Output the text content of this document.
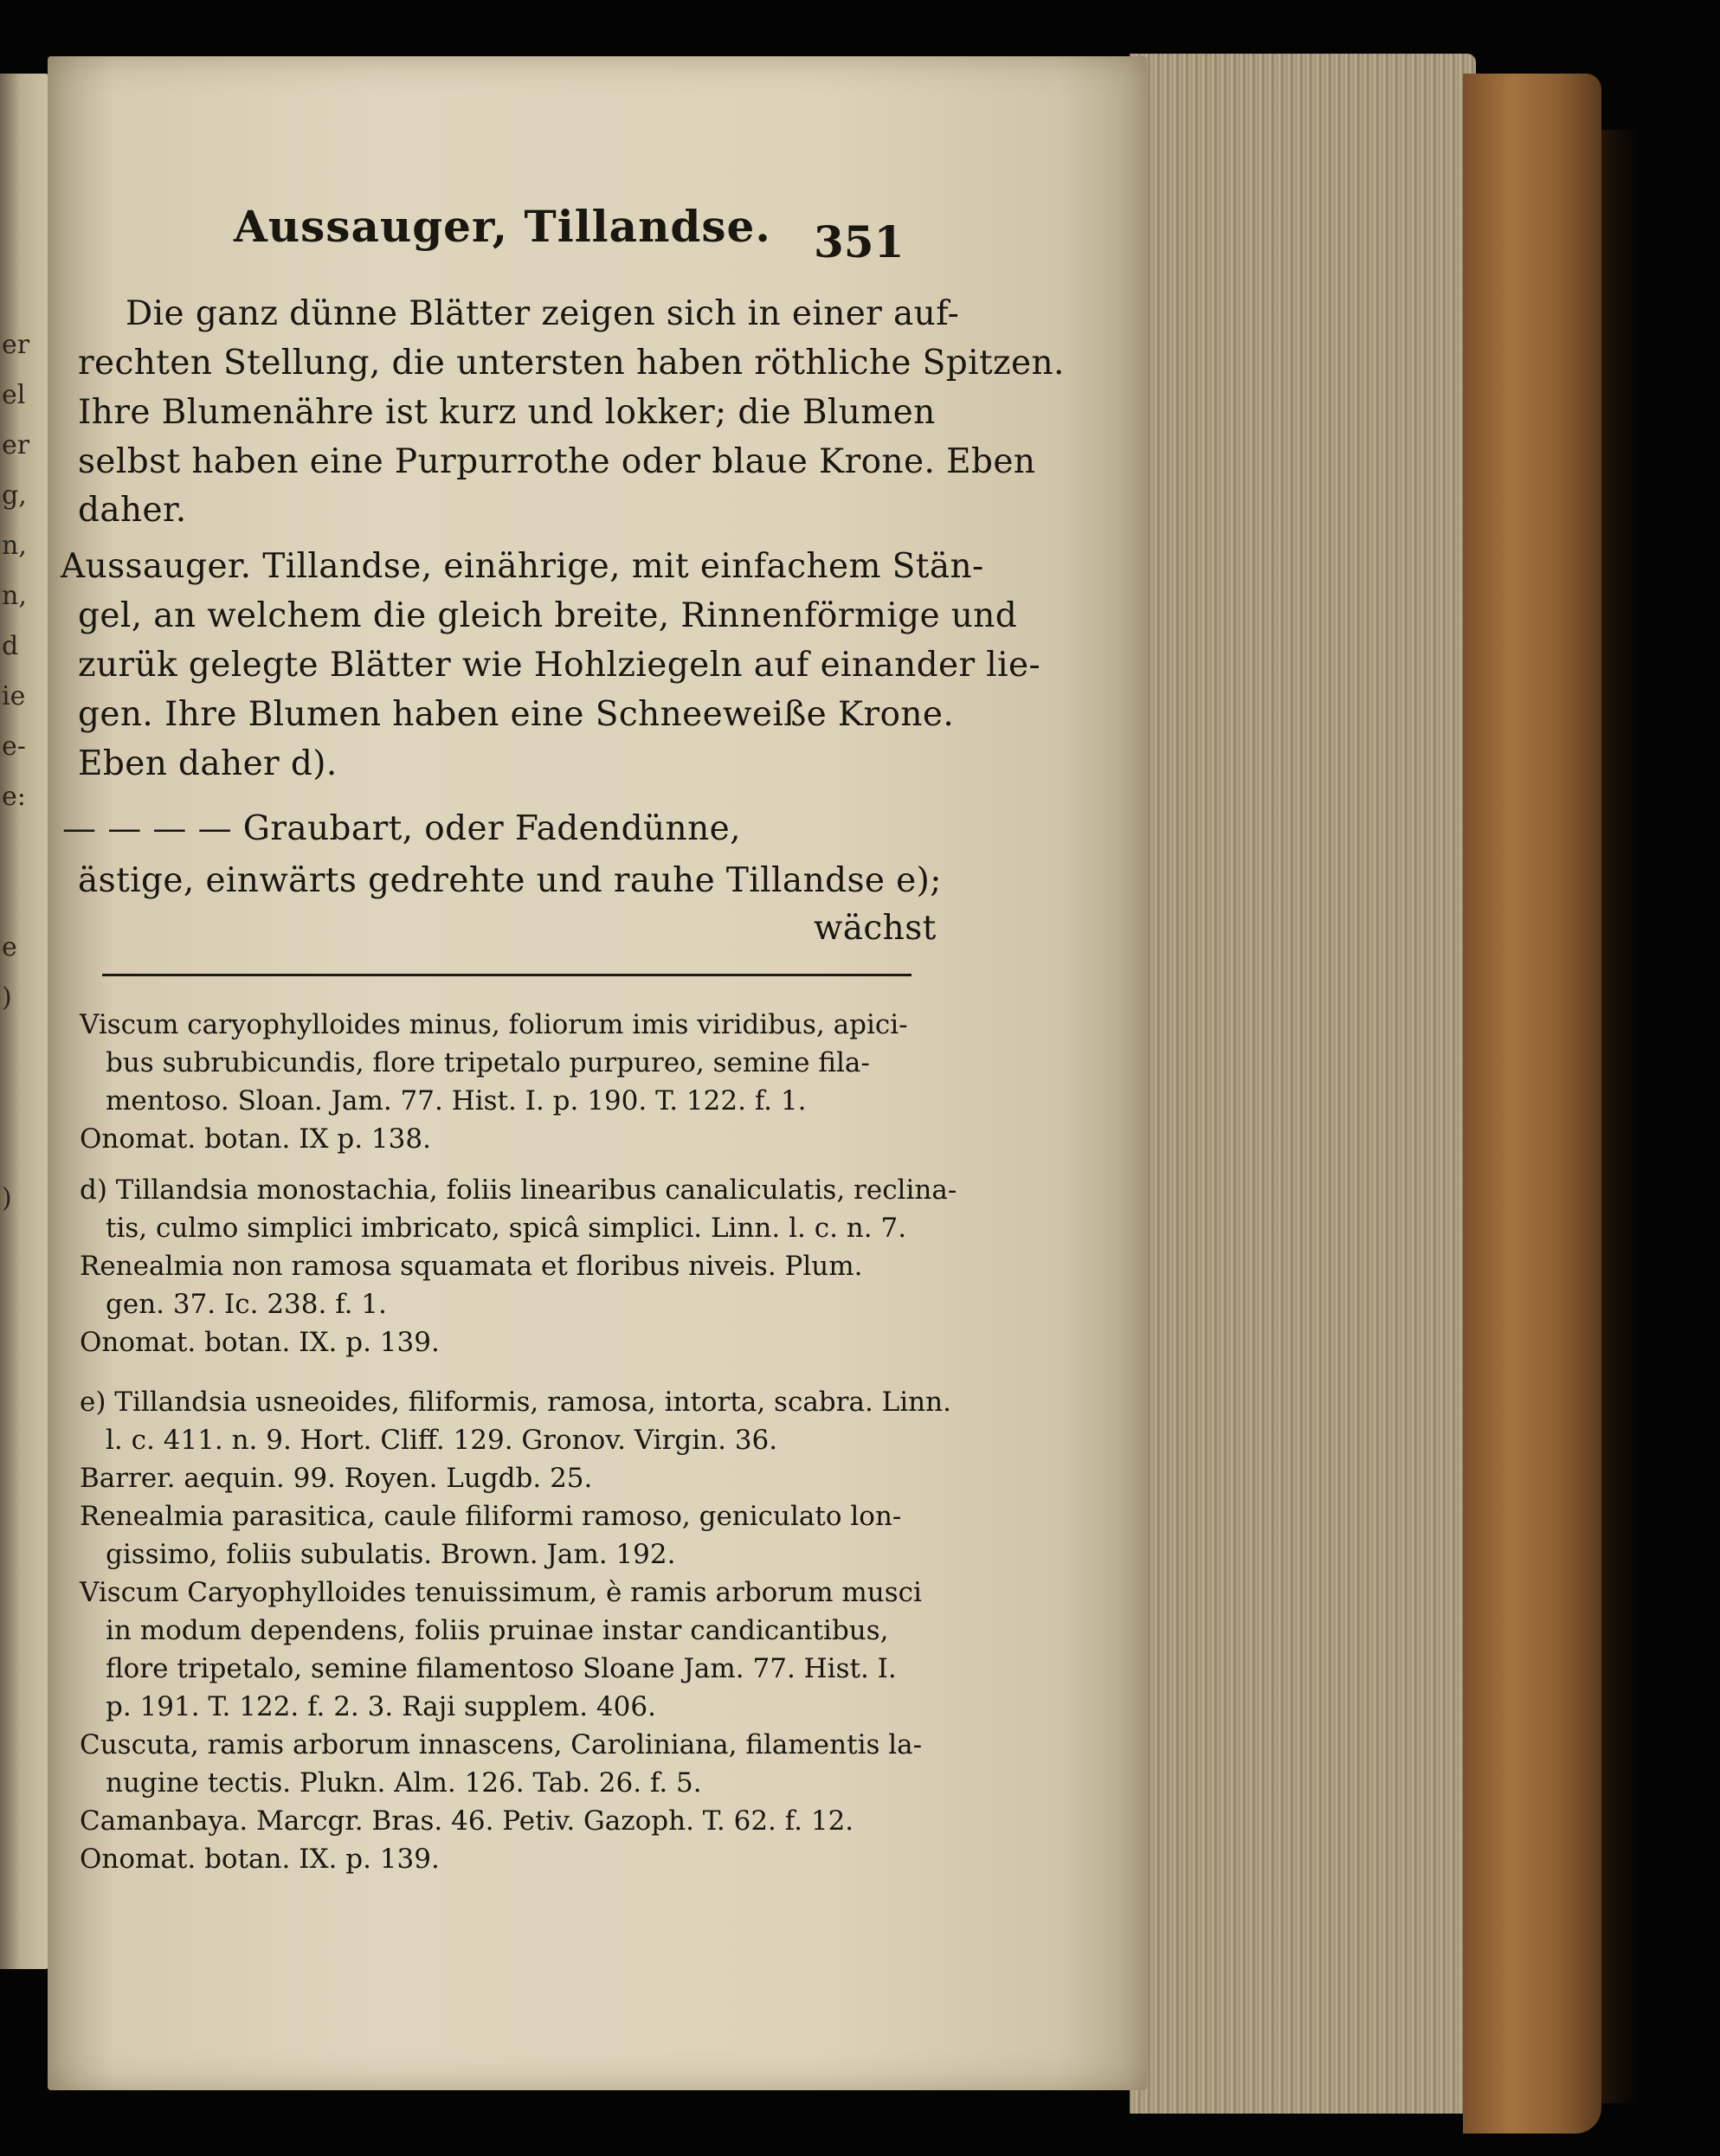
er
el
er
g,
n,
n,
d
ie
e-
e:
e
)
)
Aussauger, Tillandse. 351
Die ganz dünne Blätter zeigen sich in einer auf-
rechten Stellung, die untersten haben röthliche Spitzen.
Ihre Blumenähre ist kurz und lokker; die Blumen
selbst haben eine Purpurrothe oder blaue Krone. Eben
daher.
Aussauger. Tillandse, einährige, mit einfachem Stän-
gel, an welchem die gleich breite, Rinnenförmige und
zurük gelegte Blätter wie Hohlziegeln auf einander lie-
gen. Ihre Blumen haben eine Schneeweiße Krone.
Eben daher d).
— — — — Graubart, oder Fadendünne,
ästige, einwärts gedrehte und rauhe Tillandse e);
wächst
Viscum caryophylloides minus, foliorum imis viridibus, apici-
bus subrubicundis, flore tripetalo purpureo, semine fila-
mentoso. Sloan. Jam. 77. Hist. I. p. 190. T. 122. f. 1.
Onomat. botan. IX p. 138.
d) Tillandsia monostachia, foliis linearibus canaliculatis, reclina-
tis, culmo simplici imbricato, spicâ simplici. Linn. l. c. n. 7.
Renealmia non ramosa squamata et floribus niveis. Plum.
gen. 37. Ic. 238. f. 1.
Onomat. botan. IX. p. 139.
e) Tillandsia usneoides, filiformis, ramosa, intorta, scabra. Linn.
l. c. 411. n. 9. Hort. Cliff. 129. Gronov. Virgin. 36.
Barrer. aequin. 99. Royen. Lugdb. 25.
Renealmia parasitica, caule filiformi ramoso, geniculato lon-
gissimo, foliis subulatis. Brown. Jam. 192.
Viscum Caryophylloides tenuissimum, è ramis arborum musci
in modum dependens, foliis pruinae instar candicantibus,
flore tripetalo, semine filamentoso Sloane Jam. 77. Hist. I.
p. 191. T. 122. f. 2. 3. Raji supplem. 406.
Cuscuta, ramis arborum innascens, Caroliniana, filamentis la-
nugine tectis. Plukn. Alm. 126. Tab. 26. f. 5.
Camanbaya. Marcgr. Bras. 46. Petiv. Gazoph. T. 62. f. 12.
Onomat. botan. IX. p. 139.
